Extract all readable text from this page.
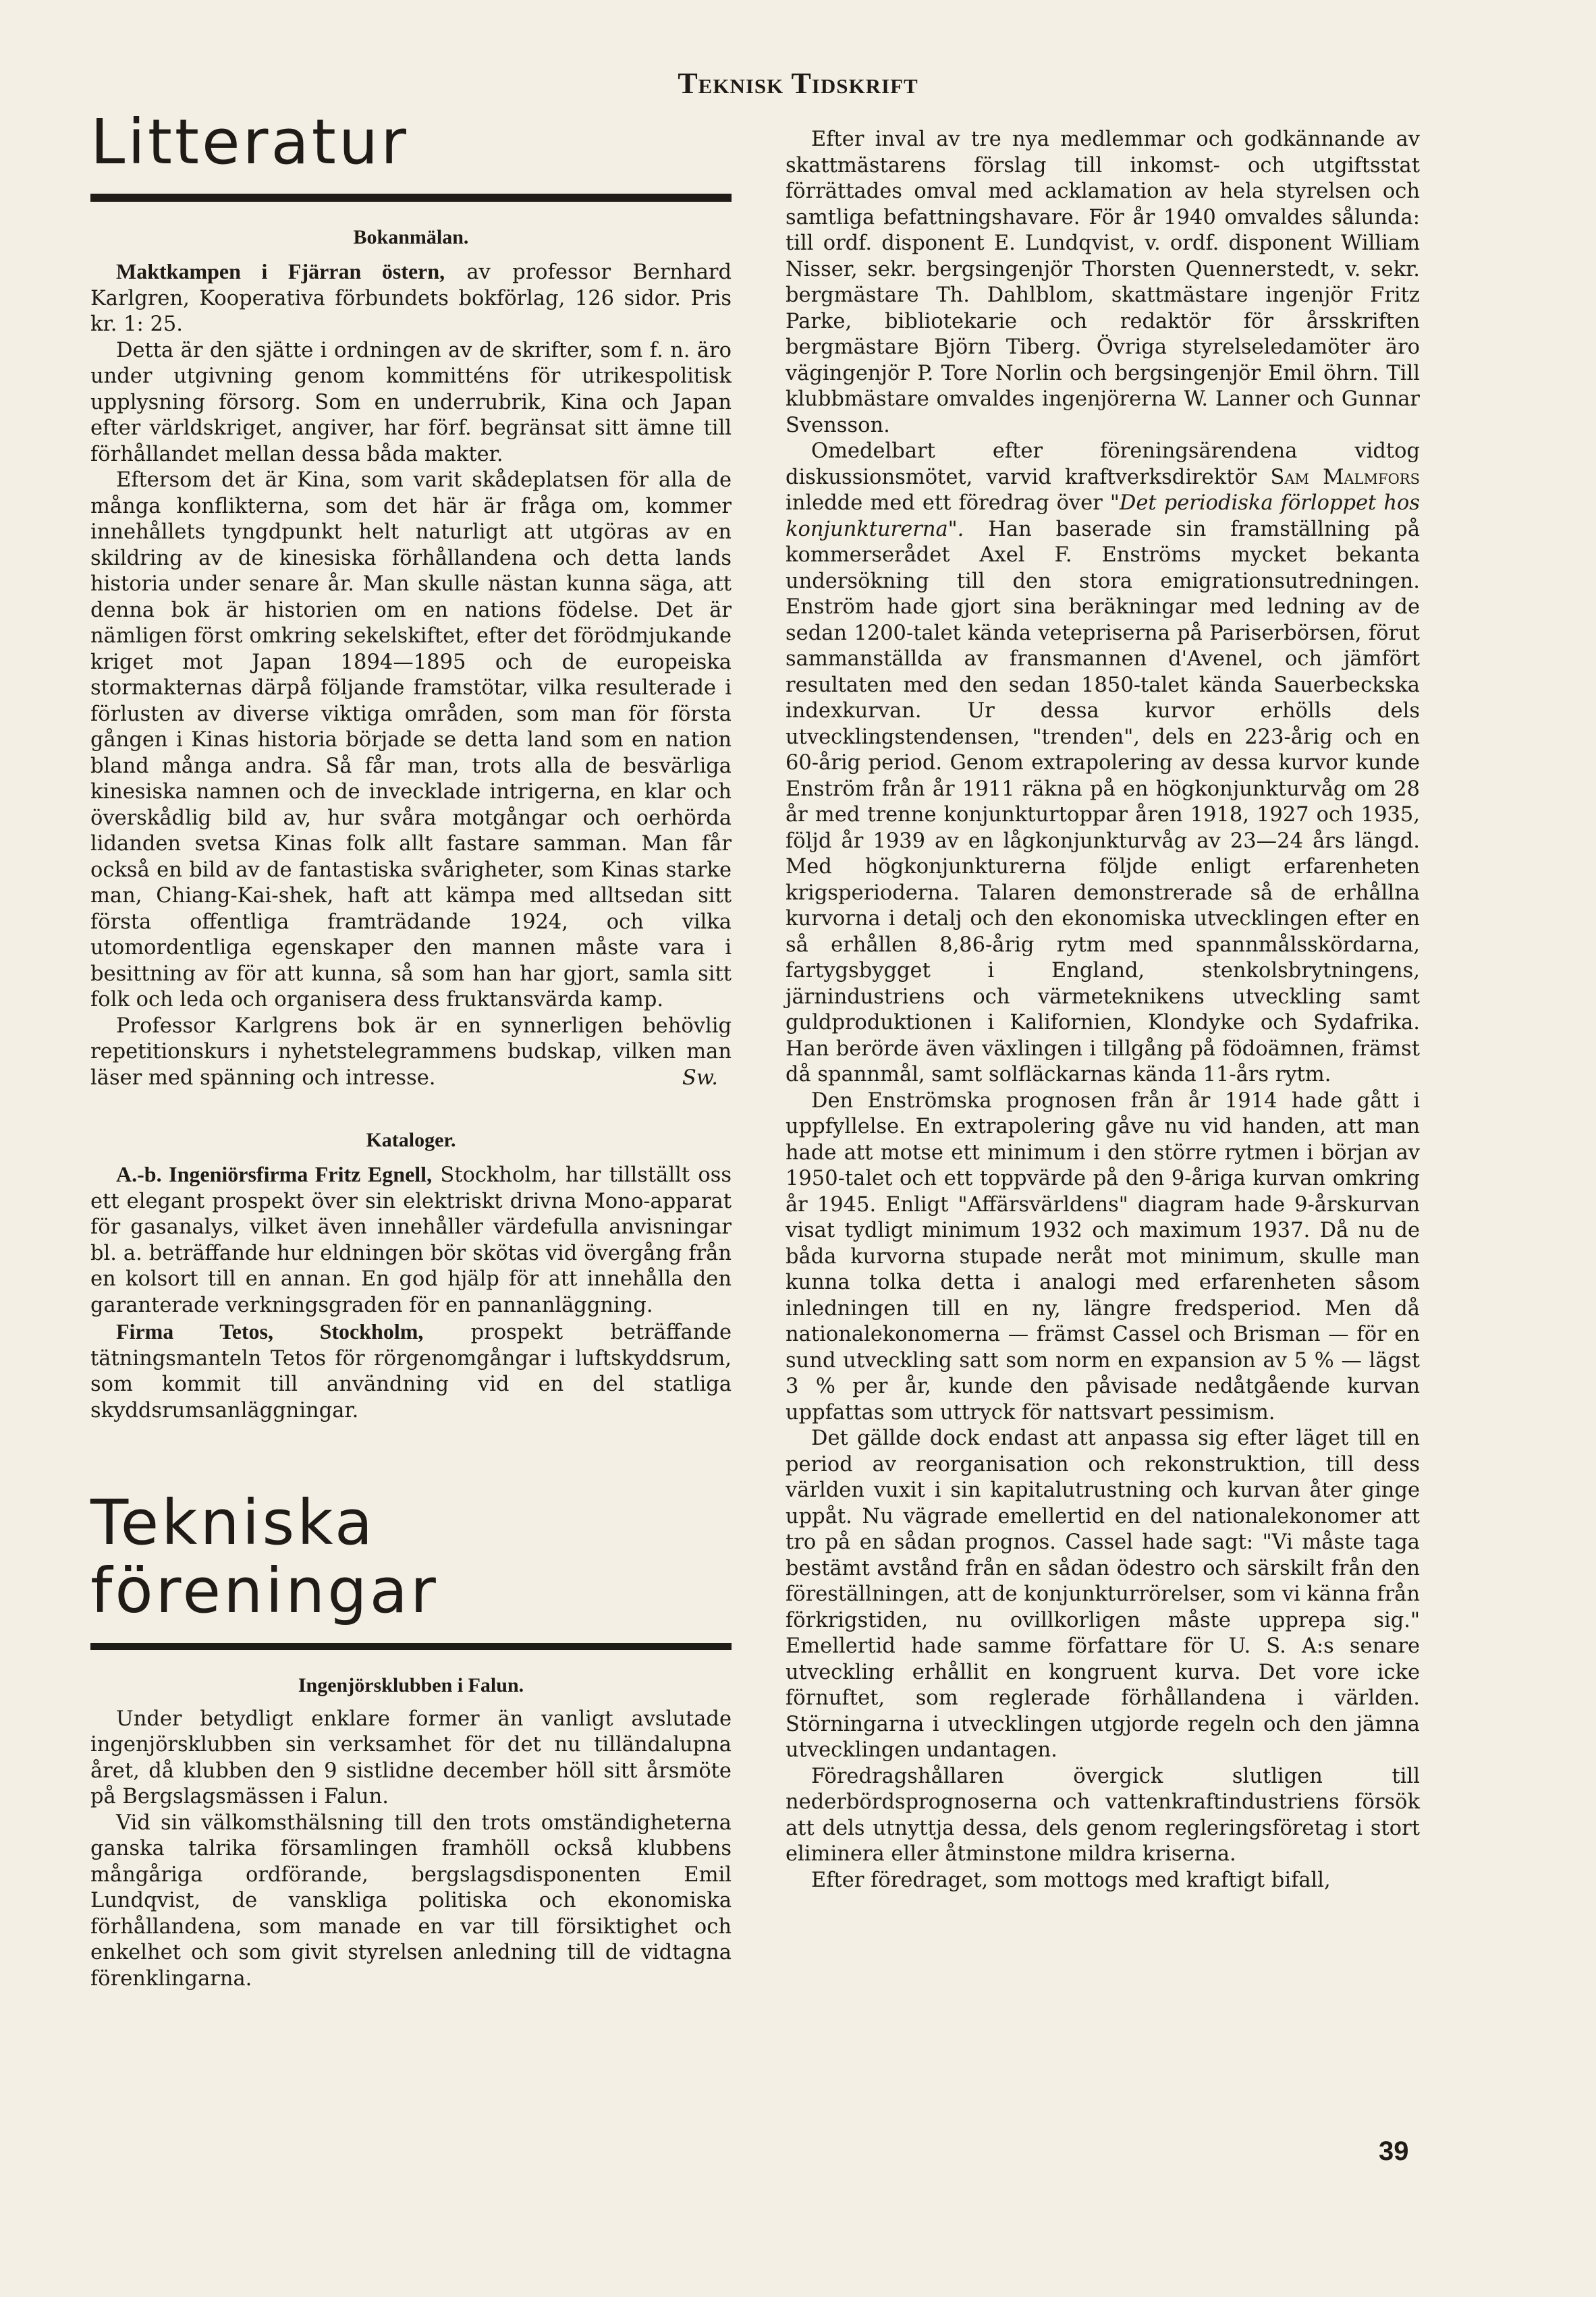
Teknisk Tidskrift
Litteratur
Bokanmälan.

Maktkampen i Fjärran östern, av professor Bernhard Karlgren, Kooperativa förbundets bokförlag, 126 sidor. Pris kr. 1: 25.

Detta är den sjätte i ordningen av de skrifter, som f. n. äro under utgivning genom kommitténs för utrikespolitisk upplysning försorg. Som en underrubrik, Kina och Japan efter världskriget, angiver, har förf. begränsat sitt ämne till förhållandet mellan dessa båda makter.

Eftersom det är Kina, som varit skådeplatsen för alla de många konflikterna, som det här är fråga om, kommer innehållets tyngdpunkt helt naturligt att utgöras av en skildring av de kinesiska förhållandena och detta lands historia under senare år. Man skulle nästan kunna säga, att denna bok är historien om en nations födelse. Det är nämligen först omkring sekelskiftet, efter det förödmjukande kriget mot Japan 1894—1895 och de europeiska stormakternas därpå följande framstötar, vilka resulterade i förlusten av diverse viktiga områden, som man för första gången i Kinas historia började se detta land som en nation bland många andra. Så får man, trots alla de besvärliga kinesiska namnen och de invecklade intrigerna, en klar och överskådlig bild av, hur svåra motgångar och oerhörda lidanden svetsa Kinas folk allt fastare samman. Man får också en bild av de fantastiska svårigheter, som Kinas starke man, Chiang-Kai-shek, haft att kämpa med alltsedan sitt första offentliga framträdande 1924, och vilka utomordentliga egenskaper den mannen måste vara i besittning av för att kunna, så som han har gjort, samla sitt folk och leda och organisera dess fruktansvärda kamp.

Professor Karlgrens bok är en synnerligen behövlig repetitionskurs i nyhetstelegrammens budskap, vilken man läser med spänning och intresse.	Sw.

Kataloger.

A.-b. Ingeniörsfirma Fritz Egnell, Stockholm, har tillställt oss ett elegant prospekt över sin elektriskt drivna Mono-apparat för gasanalys, vilket även innehåller värdefulla anvisningar bl. a. beträffande hur eldningen bör skötas vid övergång från en kolsort till en annan. En god hjälp för att innehålla den garanterade verkningsgraden för en pannanläggning.

Firma Tetos, Stockholm, prospekt beträffande tätningsmanteln Tetos för rörgenomgångar i luftskyddsrum, som kommit till användning vid en del statliga skyddsrumsanläggningar.

Tekniska föreningar
Ingenjörsklubben i Falun.

Under betydligt enklare former än vanligt avslutade ingenjörsklubben sin verksamhet för det nu tilländalupna året, då klubben den 9 sistlidne december höll sitt årsmöte på Bergslagsmässen i Falun.

Vid sin välkomsthälsning till den trots omständigheterna ganska talrika församlingen framhöll också klubbens mångåriga ordförande, bergslagsdisponenten Emil Lundqvist, de vanskliga politiska och ekonomiska förhållandena, som manade en var till försiktighet och enkelhet och som givit styrelsen anledning till de vidtagna förenklingarna.

Efter inval av tre nya medlemmar och godkännande av skattmästarens förslag till inkomst- och utgiftsstat förrättades omval med acklamation av hela styrelsen och samtliga befattningshavare. För år 1940 omvaldes sålunda: till ordf. disponent E. Lundqvist, v. ordf. disponent William Nisser, sekr. bergsingenjör Thorsten Quennerstedt, v. sekr. bergmästare Th. Dahlblom, skattmästare ingenjör Fritz Parke, bibliotekarie och redaktör för årsskriften bergmästare Björn Tiberg. Övriga styrelseledamöter äro vägingenjör P. Tore Norlin och bergsingenjör Emil öhrn. Till klubbmästare omvaldes ingenjörerna W. Lanner och Gunnar Svensson.

Omedelbart efter föreningsärendena vidtog diskussionsmötet, varvid kraftverksdirektör Sam Malmfors inledde med ett föredrag över "Det periodiska förloppet hos konjunkturerna". Han baserade sin framställning på kommerserådet Axel F. Enströms mycket bekanta undersökning till den stora emigrationsutredningen. Enström hade gjort sina beräkningar med ledning av de sedan 1200-talet kända vetepriserna på Pariserbörsen, förut sammanställda av fransmannen d'Avenel, och jämfört resultaten med den sedan 1850-talet kända Sauerbeckska indexkurvan. Ur dessa kurvor erhölls dels utvecklingstendensen, "trenden", dels en 223-årig och en 60-årig period. Genom extrapolering av dessa kurvor kunde Enström från år 1911 räkna på en högkonjunkturvåg om 28 år med trenne konjunkturtoppar åren 1918, 1927 och 1935, följd år 1939 av en lågkonjunkturvåg av 23—24 års längd. Med högkonjunkturerna följde enligt erfarenheten krigsperioderna. Talaren demonstrerade så de erhållna kurvorna i detalj och den ekonomiska utvecklingen efter en så erhållen 8,86-årig rytm med spannmålsskördarna, fartygsbygget i England, stenkolsbrytningens, järnindustriens och värmeteknikens utveckling samt guldproduktionen i Kalifornien, Klondyke och Sydafrika. Han berörde även växlingen i tillgång på födoämnen, främst då spannmål, samt solfläckarnas kända 11-års rytm.

Den Enströmska prognosen från år 1914 hade gått i uppfyllelse. En extrapolering gåve nu vid handen, att man hade att motse ett minimum i den större rytmen i början av 1950-talet och ett toppvärde på den 9-åriga kurvan omkring år 1945. Enligt "Affärsvärldens" diagram hade 9-årskurvan visat tydligt minimum 1932 och maximum 1937. Då nu de båda kurvorna stupade neråt mot minimum, skulle man kunna tolka detta i analogi med erfarenheten såsom inledningen till en ny, längre fredsperiod. Men då nationalekonomerna — främst Cassel och Brisman — för en sund utveckling satt som norm en expansion av 5 % — lägst 3 % per år, kunde den påvisade nedåtgående kurvan uppfattas som uttryck för nattsvart pessimism.

Det gällde dock endast att anpassa sig efter läget till en period av reorganisation och rekonstruktion, till dess världen vuxit i sin kapitalutrustning och kurvan åter ginge uppåt. Nu vägrade emellertid en del nationalekonomer att tro på en sådan prognos. Cassel hade sagt: "Vi måste taga bestämt avstånd från en sådan ödestro och särskilt från den föreställningen, att de konjunkturrörelser, som vi känna från förkrigstiden, nu ovillkorligen måste upprepa sig." Emellertid hade samme författare för U. S. A:s senare utveckling erhållit en kongruent kurva. Det vore icke förnuftet, som reglerade förhållandena i världen. Störningarna i utvecklingen utgjorde regeln och den jämna utvecklingen undantagen.

Föredragshållaren övergick slutligen till nederbördsprognoserna och vattenkraftindustriens försök att dels utnyttja dessa, dels genom regleringsföretag i stort eliminera eller åtminstone mildra kriserna.

Efter föredraget, som mottogs med kraftigt bifall,

39
